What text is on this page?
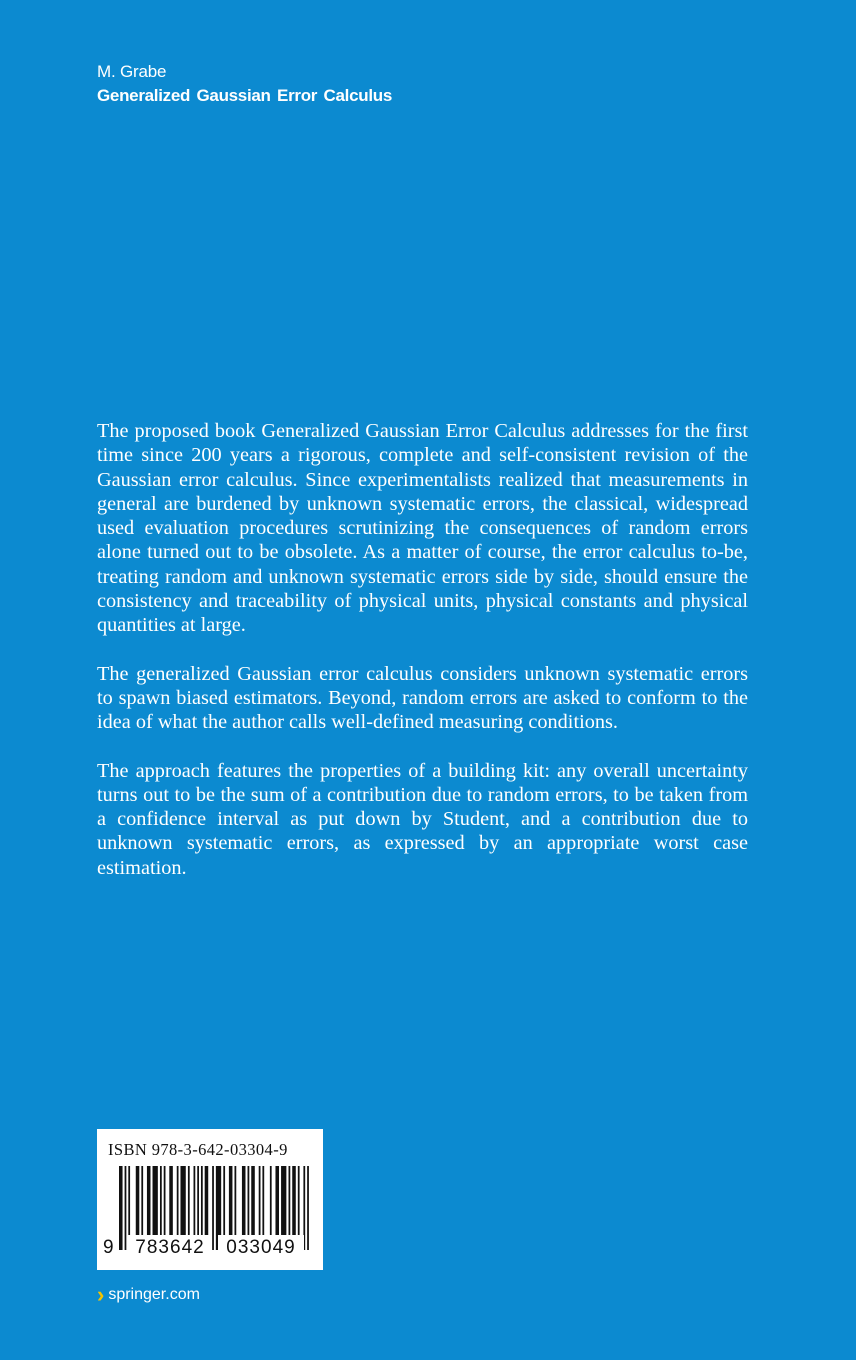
M. Grabe
Generalized Gaussian Error Calculus

The proposed book Generalized Gaussian Error Calculus addresses for the first time since 200 years a rigorous, complete and self-consistent revision of the Gaussian error calculus. Since experimentalists realized that measurements in general are burdened by unknown systematic errors, the classical, widespread used evaluation procedures scrutinizing the consequences of random errors alone turned out to be obsolete. As a matter of course, the error calculus to-be, treating random and unknown systematic errors side by side, should ensure the consistency and traceability of physical units, physical constants and physical quantities at large.

The generalized Gaussian error calculus considers unknown systematic errors to spawn biased estimators. Beyond, random errors are asked to conform to the idea of what the author calls well-defined measuring conditions.

The approach features the properties of a building kit: any overall uncertainty turns out to be the sum of a contribution due to random errors, to be taken from a confidence interval as put down by Student, and a contribution due to unknown systematic errors, as expressed by an appropriate worst case estimation.

ISBN 978-3-642-03304-9
9	783642	033049
› springer.com
